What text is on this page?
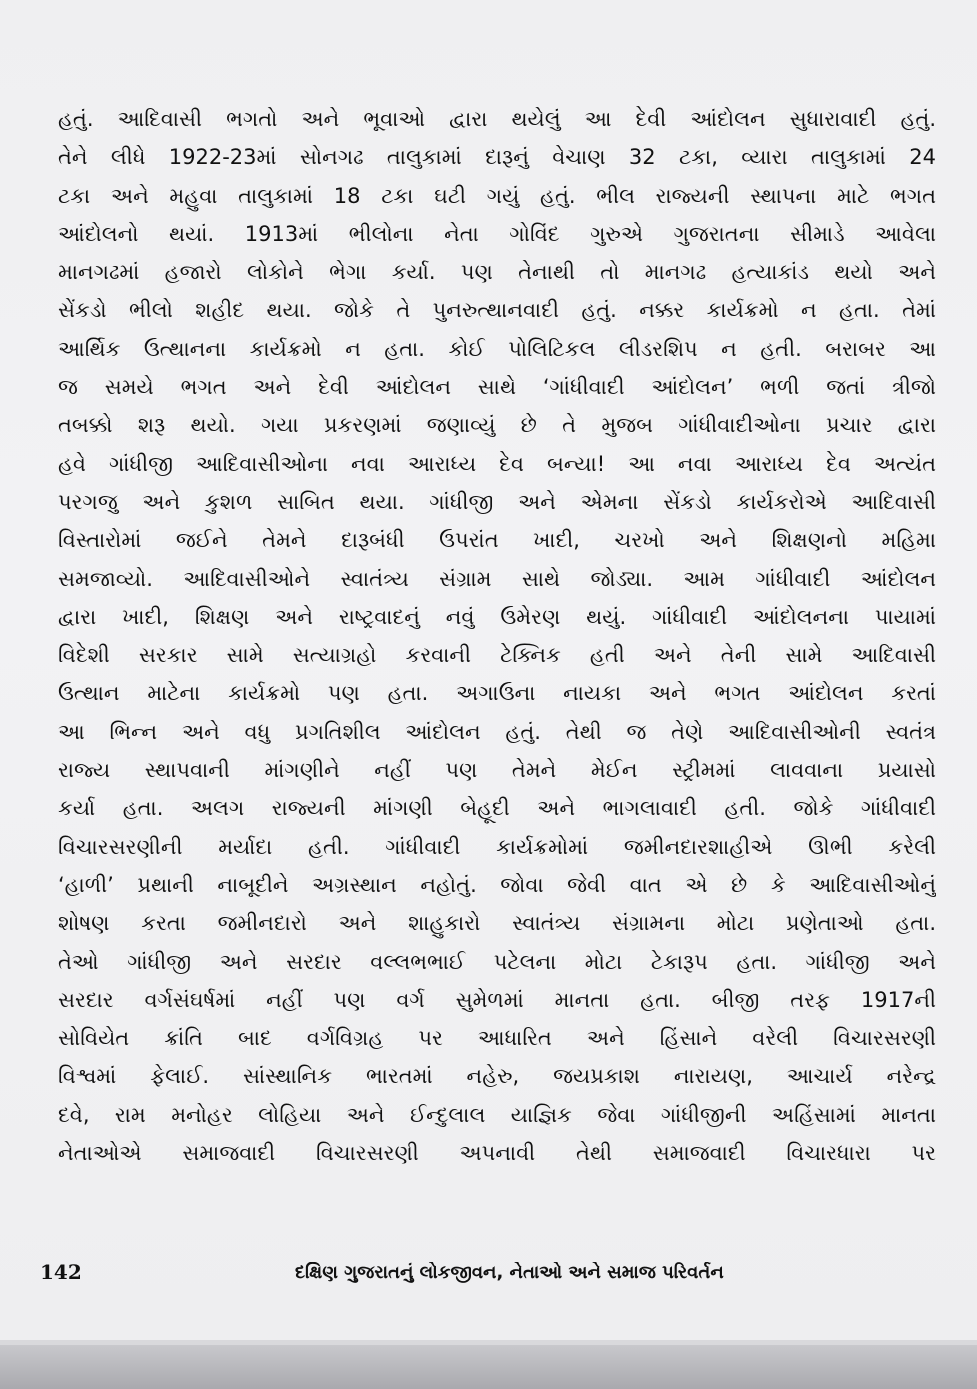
હતું. આદિવાસી ભગતો અને ભૂવાઓ દ્વારા થયેલું આ દેવી આંદોલન સુધારાવાદી હતું.
તેને લીધે 1922-23માં સોનગઢ તાલુકામાં દારૂનું વેચાણ 32 ટકા, વ્યારા તાલુકામાં 24
ટકા અને મહુવા તાલુકામાં 18 ટકા ઘટી ગયું હતું. ભીલ રાજ્યની સ્થાપના માટે ભગત
આંદોલનો થયાં. 1913માં ભીલોના નેતા ગોવિંદ ગુરુએ ગુજરાતના સીમાડે આવેલા
માનગઢમાં હજારો લોકોને ભેગા કર્યા. પણ તેનાથી તો માનગઢ હત્યાકાંડ થયો અને
સેંકડો ભીલો શહીદ થયા. જોકે તે પુનરુત્થાનવાદી હતું. નક્કર કાર્યક્રમો ન હતા. તેમાં
આર્થિક ઉત્થાનના કાર્યક્રમો ન હતા. કોઈ પોલિટિકલ લીડરશિપ ન હતી. બરાબર આ
જ સમયે ભગત અને દેવી આંદોલન સાથે ‘ગાંધીવાદી આંદોલન’ ભળી જતાં ત્રીજો
તબક્કો શરૂ થયો. ગયા પ્રકરણમાં જણાવ્યું છે તે મુજબ ગાંધીવાદીઓના પ્રચાર દ્વારા
હવે ગાંધીજી આદિવાસીઓના નવા આરાધ્ય દેવ બન્યા! આ નવા આરાધ્ય દેવ અત્યંત
પરગજુ અને કુશળ સાબિત થયા. ગાંધીજી અને એમના સેંકડો કાર્યકરોએ આદિવાસી
વિસ્તારોમાં જઈને તેમને દારૂબંધી ઉપરાંત ખાદી, ચરખો અને શિક્ષણનો મહિમા
સમજાવ્યો. આદિવાસીઓને સ્વાતંત્ર્ય સંગ્રામ સાથે જોડ્યા. આમ ગાંધીવાદી આંદોલન
દ્વારા ખાદી, શિક્ષણ અને રાષ્ટ્રવાદનું નવું ઉમેરણ થયું. ગાંધીવાદી આંદોલનના પાયામાં
વિદેશી સરકાર સામે સત્યાગ્રહો કરવાની ટેક્નિક હતી અને તેની સામે આદિવાસી
ઉત્થાન માટેના કાર્યક્રમો પણ હતા. અગાઉના નાયકા અને ભગત આંદોલન કરતાં
આ ભિન્ન અને વધુ પ્રગતિશીલ આંદોલન હતું. તેથી જ તેણે આદિવાસીઓની સ્વતંત્ર
રાજ્ય સ્થાપવાની માંગણીને નહીં પણ તેમને મેઈન સ્ટ્રીમમાં લાવવાના પ્રયાસો
કર્યા હતા. અલગ રાજ્યની માંગણી બેહૂદી અને ભાગલાવાદી હતી. જોકે ગાંધીવાદી
વિચારસરણીની મર્યાદા હતી. ગાંધીવાદી કાર્યક્રમોમાં જમીનદારશાહીએ ઊભી કરેલી
‘હાળી’ પ્રથાની નાબૂદીને અગ્રસ્થાન નહોતું. જોવા જેવી વાત એ છે કે આદિવાસીઓનું
શોષણ કરતા જમીનદારો અને શાહુકારો સ્વાતંત્ર્ય સંગ્રામના મોટા પ્રણેતાઓ હતા.
તેઓ ગાંધીજી અને સરદાર વલ્લભભાઈ પટેલના મોટા ટેકારૂપ હતા. ગાંધીજી અને
સરદાર વર્ગસંઘર્ષમાં નહીં પણ વર્ગ સુમેળમાં માનતા હતા. બીજી તરફ 1917ની
સોવિયેત ક્રાંતિ બાદ વર્ગવિગ્રહ પર આધારિત અને હિંસાને વરેલી વિચારસરણી
વિશ્વમાં ફેલાઈ. સાંસ્થાનિક ભારતમાં નહેરુ, જયપ્રકાશ નારાયણ, આચાર્ય નરેન્દ્ર
દવે, રામ મનોહર લોહિયા અને ઈન્દુલાલ યાજ્ઞિક જેવા ગાંધીજીની અહિંસામાં માનતા
નેતાઓએ સમાજવાદી વિચારસરણી અપનાવી તેથી સમાજવાદી વિચારધારા પર
142	દક્ષિણ ગુજરાતનું લોકજીવન, નેતાઓ અને સમાજ પરિવર્તન
